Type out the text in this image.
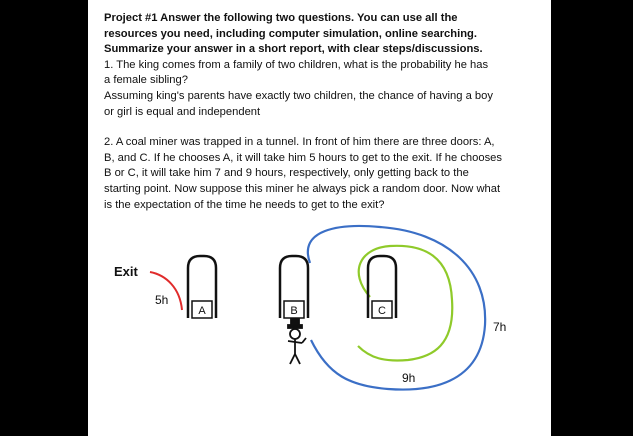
Project #1 Answer the following two questions. You can use all the

resources you need, including computer simulation, online searching.

Summarize your answer in a short report, with clear steps/discussions.

1. The king comes from a family of two children, what is the probability he has

a female sibling?

Assuming king's parents have exactly two children, the chance of having a boy

or girl is equal and independent

2. A coal miner was trapped in a tunnel. In front of him there are three doors: A,

B, and C. If he chooses A, it will take him 5 hours to get to the exit. If he chooses

B or C, it will take him 7 and 9 hours, respectively, only getting back to the

starting point. Now suppose this miner he always pick a random door. Now what

is the expectation of the time he needs to get to the exit?

Exit
5h
7h
9h
A	B	C
